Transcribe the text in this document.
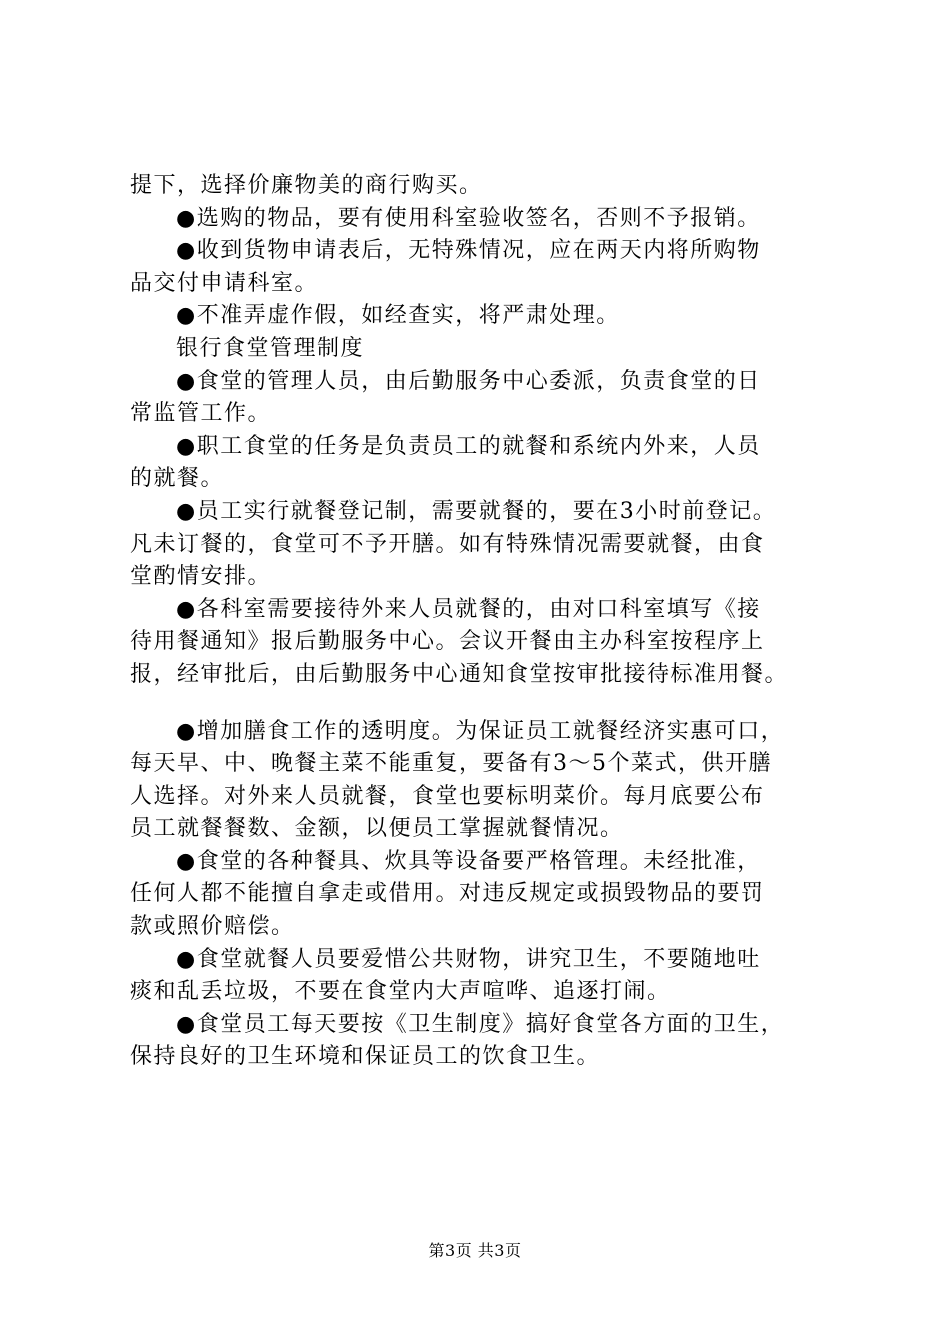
提下，选择价廉物美的商行购买。
●选购的物品，要有使用科室验收签名，否则不予报销。
●收到货物申请表后，无特殊情况，应在两天内将所购物
品交付申请科室。
●不准弄虚作假，如经查实，将严肃处理。
银行食堂管理制度
●食堂的管理人员，由后勤服务中心委派，负责食堂的日
常监管工作。
●职工食堂的任务是负责员工的就餐和系统内外来，人员
的就餐。
●员工实行就餐登记制，需要就餐的，要在3小时前登记。
凡未订餐的，食堂可不予开膳。如有特殊情况需要就餐，由食
堂酌情安排。
●各科室需要接待外来人员就餐的，由对口科室填写《接
待用餐通知》报后勤服务中心。会议开餐由主办科室按程序上
报，经审批后，由后勤服务中心通知食堂按审批接待标准用餐。
●增加膳食工作的透明度。为保证员工就餐经济实惠可口，
每天早、中、晚餐主菜不能重复，要备有3～5个菜式，供开膳
人选择。对外来人员就餐，食堂也要标明菜价。每月底要公布
员工就餐餐数、金额，以便员工掌握就餐情况。
●食堂的各种餐具、炊具等设备要严格管理。未经批准，
任何人都不能擅自拿走或借用。对违反规定或损毁物品的要罚
款或照价赔偿。
●食堂就餐人员要爱惜公共财物，讲究卫生，不要随地吐
痰和乱丢垃圾，不要在食堂内大声喧哗、追逐打闹。
●食堂员工每天要按《卫生制度》搞好食堂各方面的卫生，
保持良好的卫生环境和保证员工的饮食卫生。
第3页 共3页
